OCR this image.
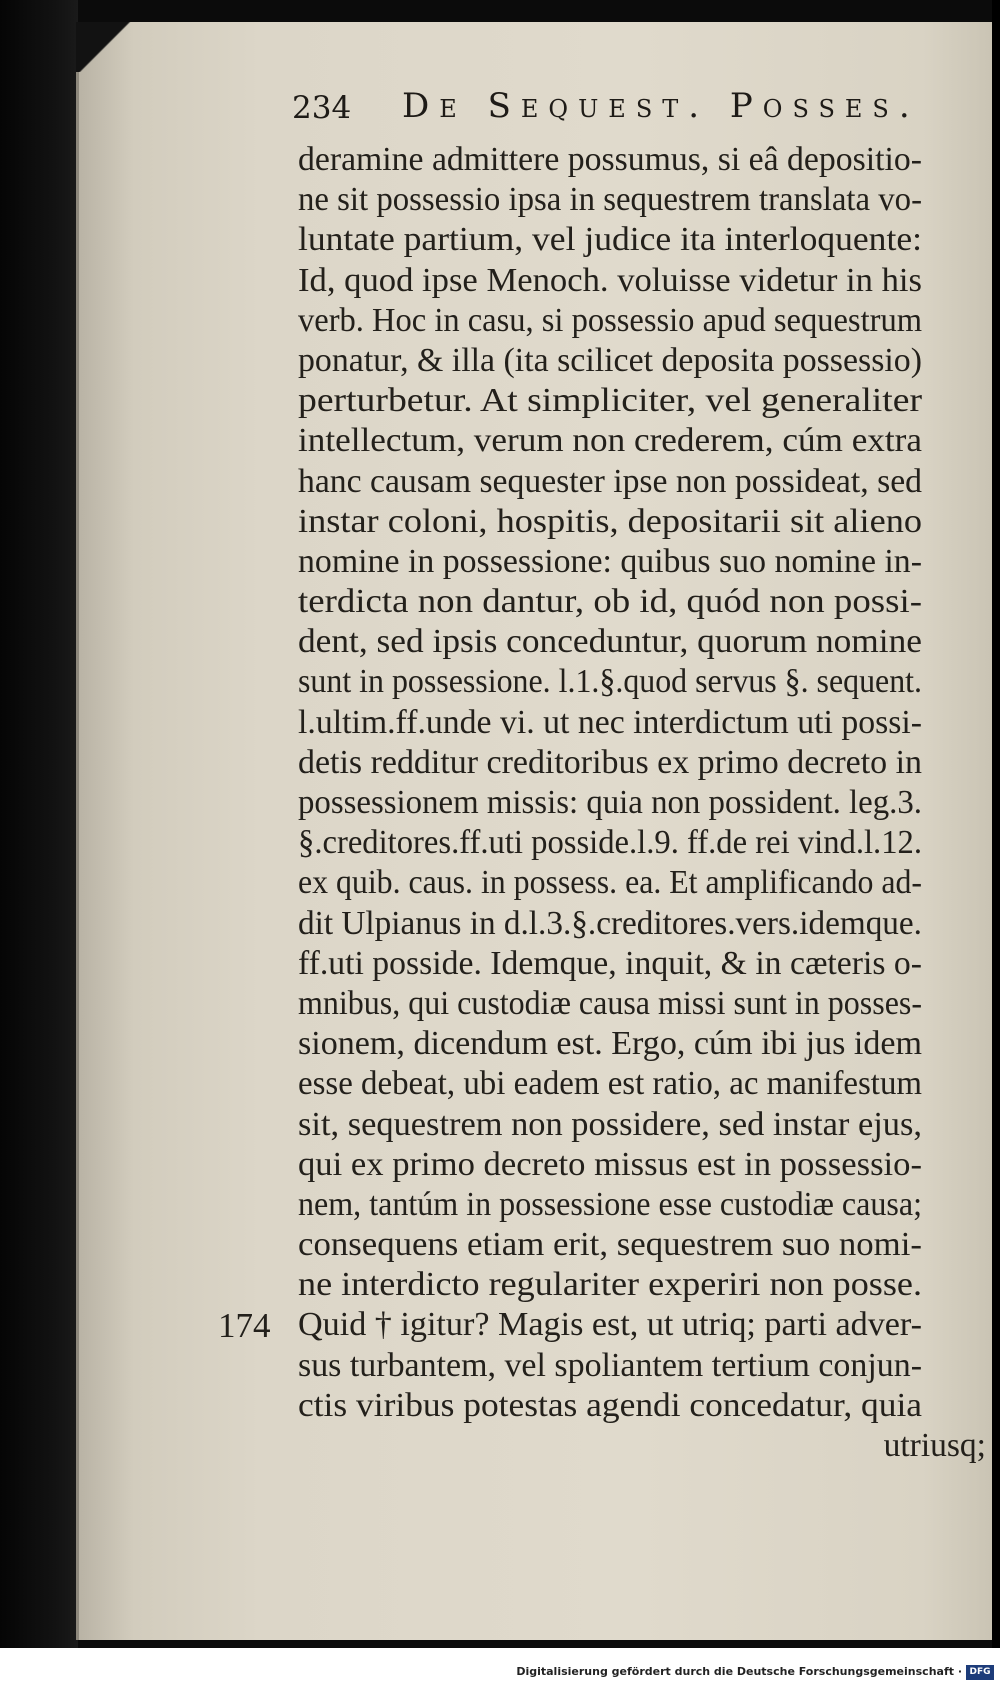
234 De Sequest. Posses.
174
deramine admittere possumus, si eâ depositio-
ne sit possessio ipsa in sequestrem translata vo-
luntate partium, vel judice ita interloquente:
Id, quod ipse Menoch. voluisse videtur in his
verb. Hoc in casu, si possessio apud sequestrum
ponatur, & illa (ita scilicet deposita possessio)
perturbetur. At simpliciter, vel generaliter
intellectum, verum non crederem, cúm extra
hanc causam sequester ipse non possideat, sed
instar coloni, hospitis, depositarii sit alieno
nomine in possessione: quibus suo nomine in-
terdicta non dantur, ob id, quód non possi-
dent, sed ipsis conceduntur, quorum nomine
sunt in possessione. l.1.§.quod servus §. sequent.
l.ultim.ff.unde vi. ut nec interdictum uti possi-
detis redditur creditoribus ex primo decreto in
possessionem missis: quia non possident. leg.3.
§.creditores.ff.uti posside.l.9. ff.de rei vind.l.12.
ex quib. caus. in possess. ea. Et amplificando ad-
dit Ulpianus in d.l.3.§.creditores.vers.idemque.
ff.uti posside. Idemque, inquit, & in cæteris o-
mnibus, qui custodiæ causa missi sunt in posses-
sionem, dicendum est. Ergo, cúm ibi jus idem
esse debeat, ubi eadem est ratio, ac manifestum
sit, sequestrem non possidere, sed instar ejus,
qui ex primo decreto missus est in possessio-
nem, tantúm in possessione esse custodiæ causa;
consequens etiam erit, sequestrem suo nomi-
ne interdicto regulariter experiri non posse.
Quid † igitur? Magis est, ut utriq; parti adver-
sus turbantem, vel spoliantem tertium conjun-
ctis viribus potestas agendi concedatur, quia
utriusq;
Digitalisierung gefördert durch die Deutsche Forschungsgemeinschaft · DFG
